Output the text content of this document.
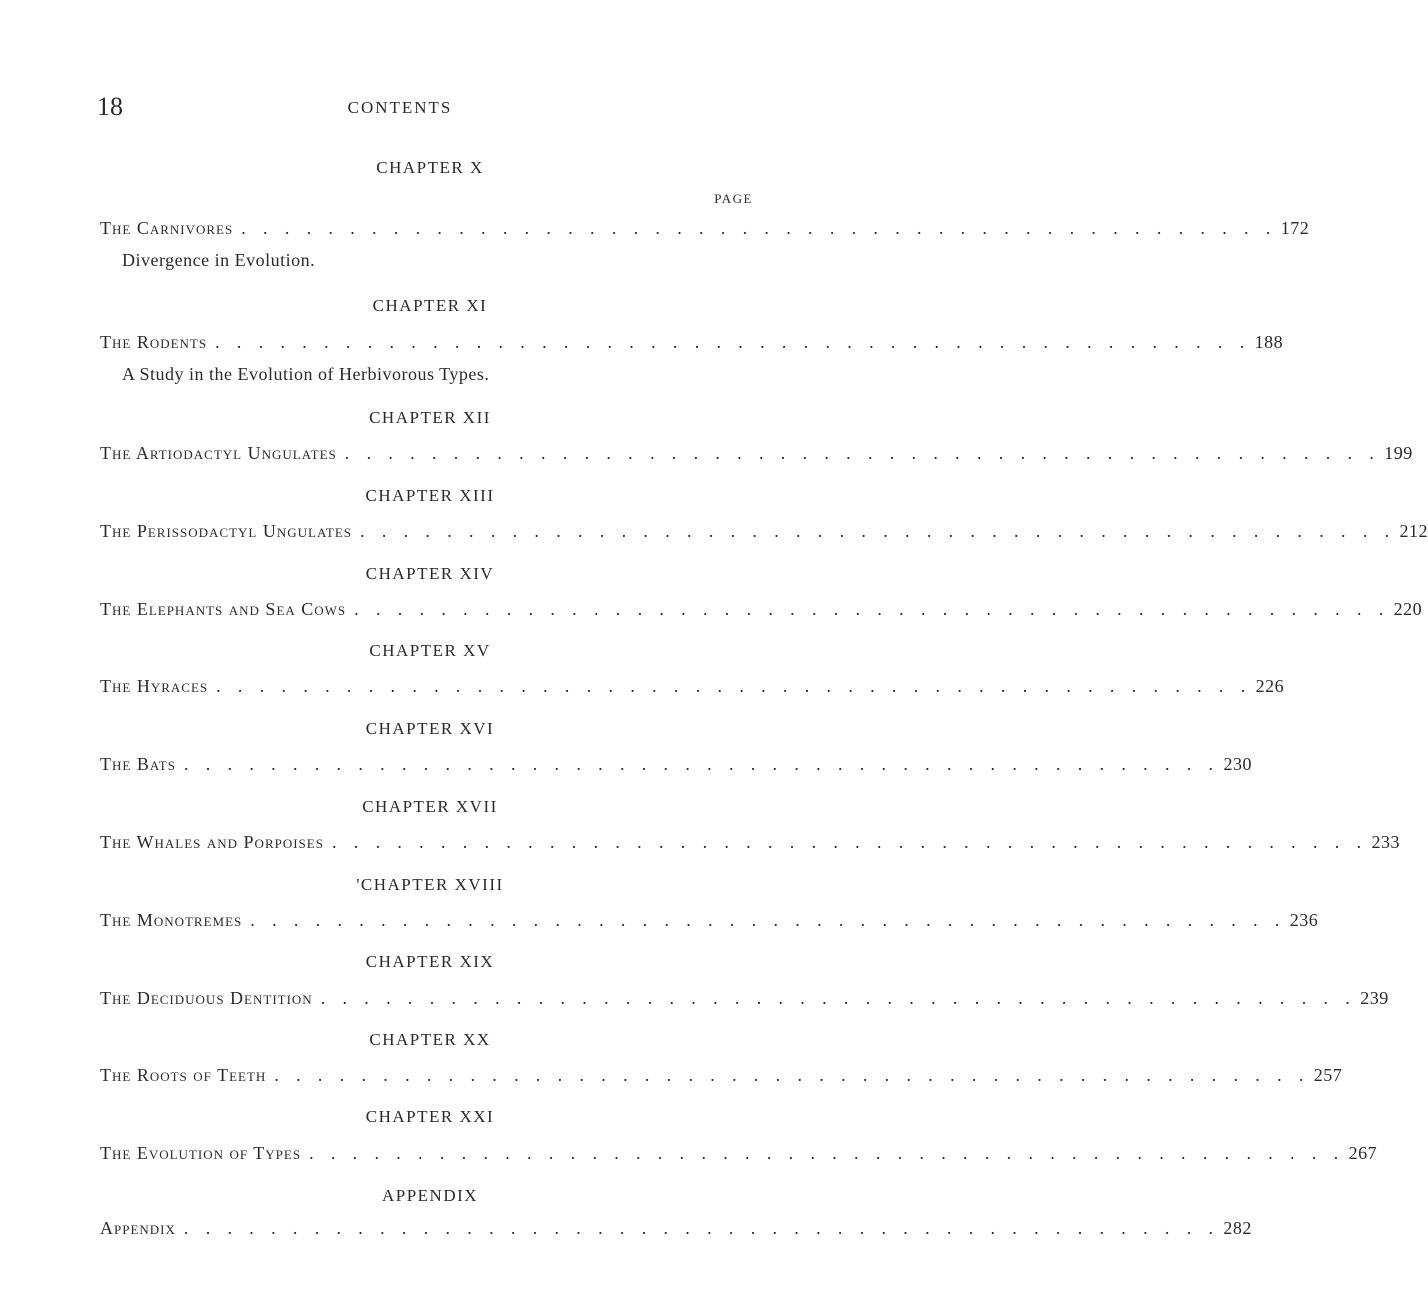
18	CONTENTS
PAGE
CHAPTER X
The Carnivores . . . . . . . . . . . . . . . . . . . . . . . . . . . . . . . . . . . . . . . . . . . . . . . . 172
Divergence in Evolution.
CHAPTER XI
The Rodents . . . . . . . . . . . . . . . . . . . . . . . . . . . . . . . . . . . . . . . . . . . . . . . . 188
A Study in the Evolution of Herbivorous Types.
CHAPTER XII
The Artiodactyl Ungulates . . . . . . . . . . . . . . . . . . . . . . . . . . . . . . . . . . . . . . . . . . . . . . . . 199
CHAPTER XIII
The Perissodactyl Ungulates . . . . . . . . . . . . . . . . . . . . . . . . . . . . . . . . . . . . . . . . . . . . . . . . 212
CHAPTER XIV
The Elephants and Sea Cows . . . . . . . . . . . . . . . . . . . . . . . . . . . . . . . . . . . . . . . . . . . . . . . . 220
CHAPTER XV
The Hyraces . . . . . . . . . . . . . . . . . . . . . . . . . . . . . . . . . . . . . . . . . . . . . . . . 226
CHAPTER XVI
The Bats . . . . . . . . . . . . . . . . . . . . . . . . . . . . . . . . . . . . . . . . . . . . . . . . 230
CHAPTER XVII
The Whales and Porpoises . . . . . . . . . . . . . . . . . . . . . . . . . . . . . . . . . . . . . . . . . . . . . . . . 233
'CHAPTER XVIII
The Monotremes . . . . . . . . . . . . . . . . . . . . . . . . . . . . . . . . . . . . . . . . . . . . . . . . 236
CHAPTER XIX
The Deciduous Dentition . . . . . . . . . . . . . . . . . . . . . . . . . . . . . . . . . . . . . . . . . . . . . . . . 239
CHAPTER XX
The Roots of Teeth . . . . . . . . . . . . . . . . . . . . . . . . . . . . . . . . . . . . . . . . . . . . . . . . 257
CHAPTER XXI
The Evolution of Types . . . . . . . . . . . . . . . . . . . . . . . . . . . . . . . . . . . . . . . . . . . . . . . . 267
APPENDIX
Appendix . . . . . . . . . . . . . . . . . . . . . . . . . . . . . . . . . . . . . . . . . . . . . . . . 282
